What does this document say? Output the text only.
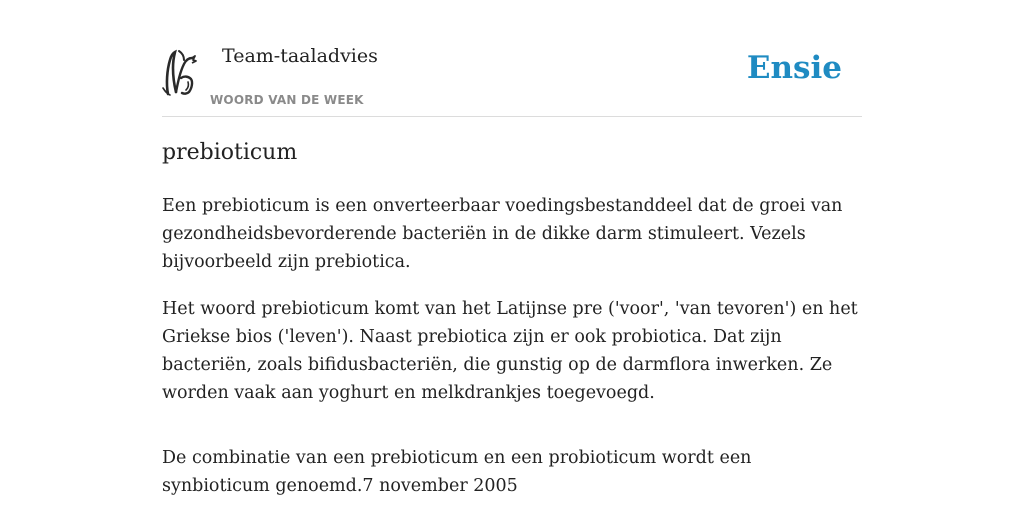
Team-taaladvies
WOORD VAN DE WEEK
Ensie
prebioticum

Een prebioticum is een onverteerbaar voedingsbestanddeel dat de groei van gezondheidsbevorderende bacteriën in de dikke darm stimuleert. Vezels bijvoorbeeld zijn prebiotica.

Het woord prebioticum komt van het Latijnse pre ('voor', 'van tevoren') en het Griekse bios ('leven'). Naast prebiotica zijn er ook probiotica. Dat zijn bacteriën, zoals bifidusbacteriën, die gunstig op de darmflora inwerken. Ze worden vaak aan yoghurt en melkdrankjes toegevoegd.

De combinatie van een prebioticum en een probioticum wordt een synbioticum genoemd.7 november 2005
